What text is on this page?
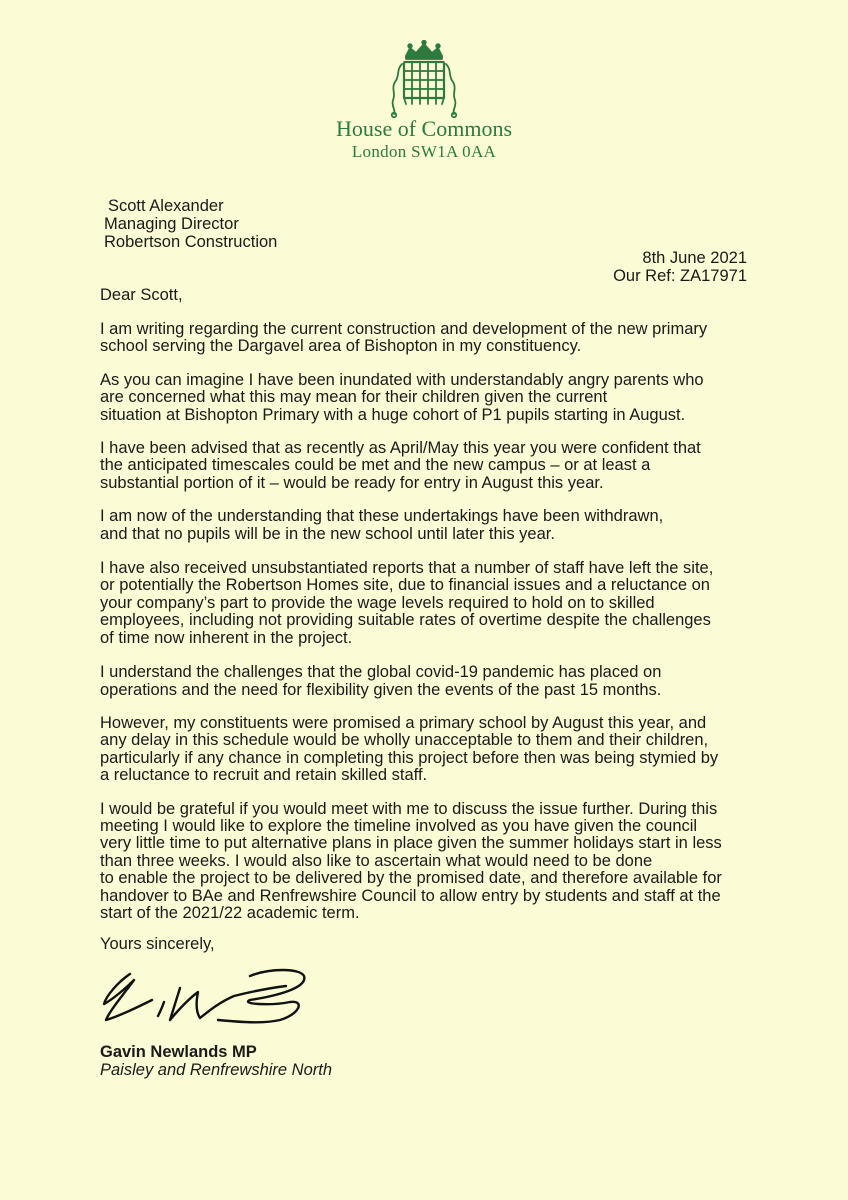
House of Commons
London SW1A 0AA
Scott Alexander
Managing Director
Robertson Construction
8th June 2021
Our Ref: ZA17971
Dear Scott,

I am writing regarding the current construction and development of the new primary
school serving the Dargavel area of Bishopton in my constituency.

As you can imagine I have been inundated with understandably angry parents who
are concerned what this may mean for their children given the current
situation at Bishopton Primary with a huge cohort of P1 pupils starting in August.

I have been advised that as recently as April/May this year you were confident that
the anticipated timescales could be met and the new campus – or at least a
substantial portion of it – would be ready for entry in August this year.

I am now of the understanding that these undertakings have been withdrawn,
and that no pupils will be in the new school until later this year.

I have also received unsubstantiated reports that a number of staff have left the site,
or potentially the Robertson Homes site, due to financial issues and a reluctance on
your company’s part to provide the wage levels required to hold on to skilled
employees, including not providing suitable rates of overtime despite the challenges
of time now inherent in the project.

I understand the challenges that the global covid-19 pandemic has placed on
operations and the need for flexibility given the events of the past 15 months.

However, my constituents were promised a primary school by August this year, and
any delay in this schedule would be wholly unacceptable to them and their children,
particularly if any chance in completing this project before then was being stymied by
a reluctance to recruit and retain skilled staff.

I would be grateful if you would meet with me to discuss the issue further. During this
meeting I would like to explore the timeline involved as you have given the council
very little time to put alternative plans in place given the summer holidays start in less
than three weeks. I would also like to ascertain what would need to be done
to enable the project to be delivered by the promised date, and therefore available for
handover to BAe and Renfrewshire Council to allow entry by students and staff at the
start of the 2021/22 academic term.

Yours sincerely,
Gavin Newlands MP
Paisley and Renfrewshire North
